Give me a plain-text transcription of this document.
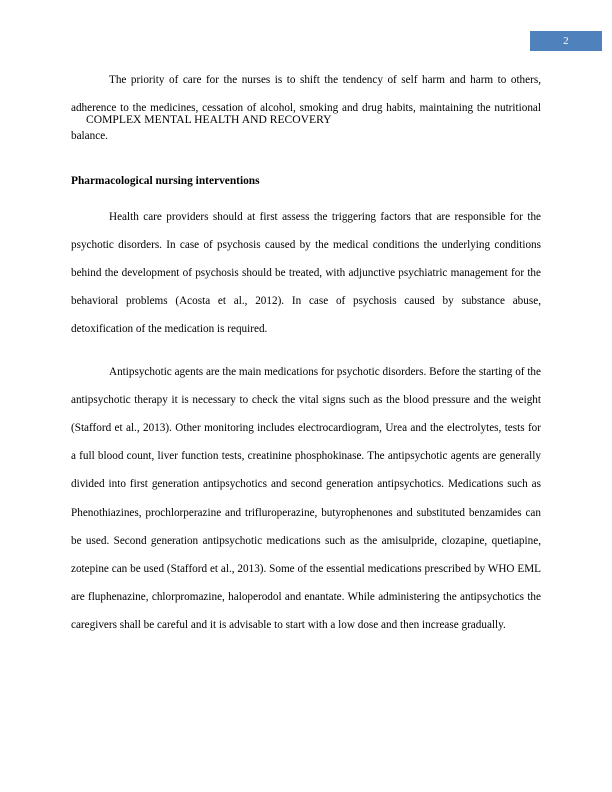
2

The priority of care for the nurses is to shift the tendency of self harm and harm to others, adherence to the medicines, cessation of alcohol, smoking and drug habits, maintaining the nutritional balance.

Pharmacological nursing interventions

Health care providers should at first assess the triggering factors that are responsible for the psychotic disorders. In case of psychosis caused by the medical conditions the underlying conditions behind the development of psychosis should be treated, with adjunctive psychiatric management for the behavioral problems (Acosta et al., 2012). In case of psychosis caused by substance abuse, detoxification of the medication is required.

Antipsychotic agents are the main medications for psychotic disorders. Before the starting of the antipsychotic therapy it is necessary to check the vital signs such as the blood pressure and the weight (Stafford et al., 2013). Other monitoring includes electrocardiogram, Urea and the electrolytes, tests for a full blood count, liver function tests, creatinine phosphokinase. The antipsychotic agents are generally divided into first generation antipsychotics and second generation antipsychotics. Medications such as Phenothiazines, prochlorperazine and trifluroperazine, butyrophenones and substituted benzamides can be used. Second generation antipsychotic medications such as the amisulpride, clozapine, quetiapine, zotepine can be used (Stafford et al., 2013). Some of the essential medications prescribed by WHO EML are fluphenazine, chlorpromazine, haloperodol and enantate. While administering the antipsychotics the caregivers shall be careful and it is advisable to start with a low dose and then increase gradually.

COMPLEX MENTAL HEALTH AND RECOVERY
